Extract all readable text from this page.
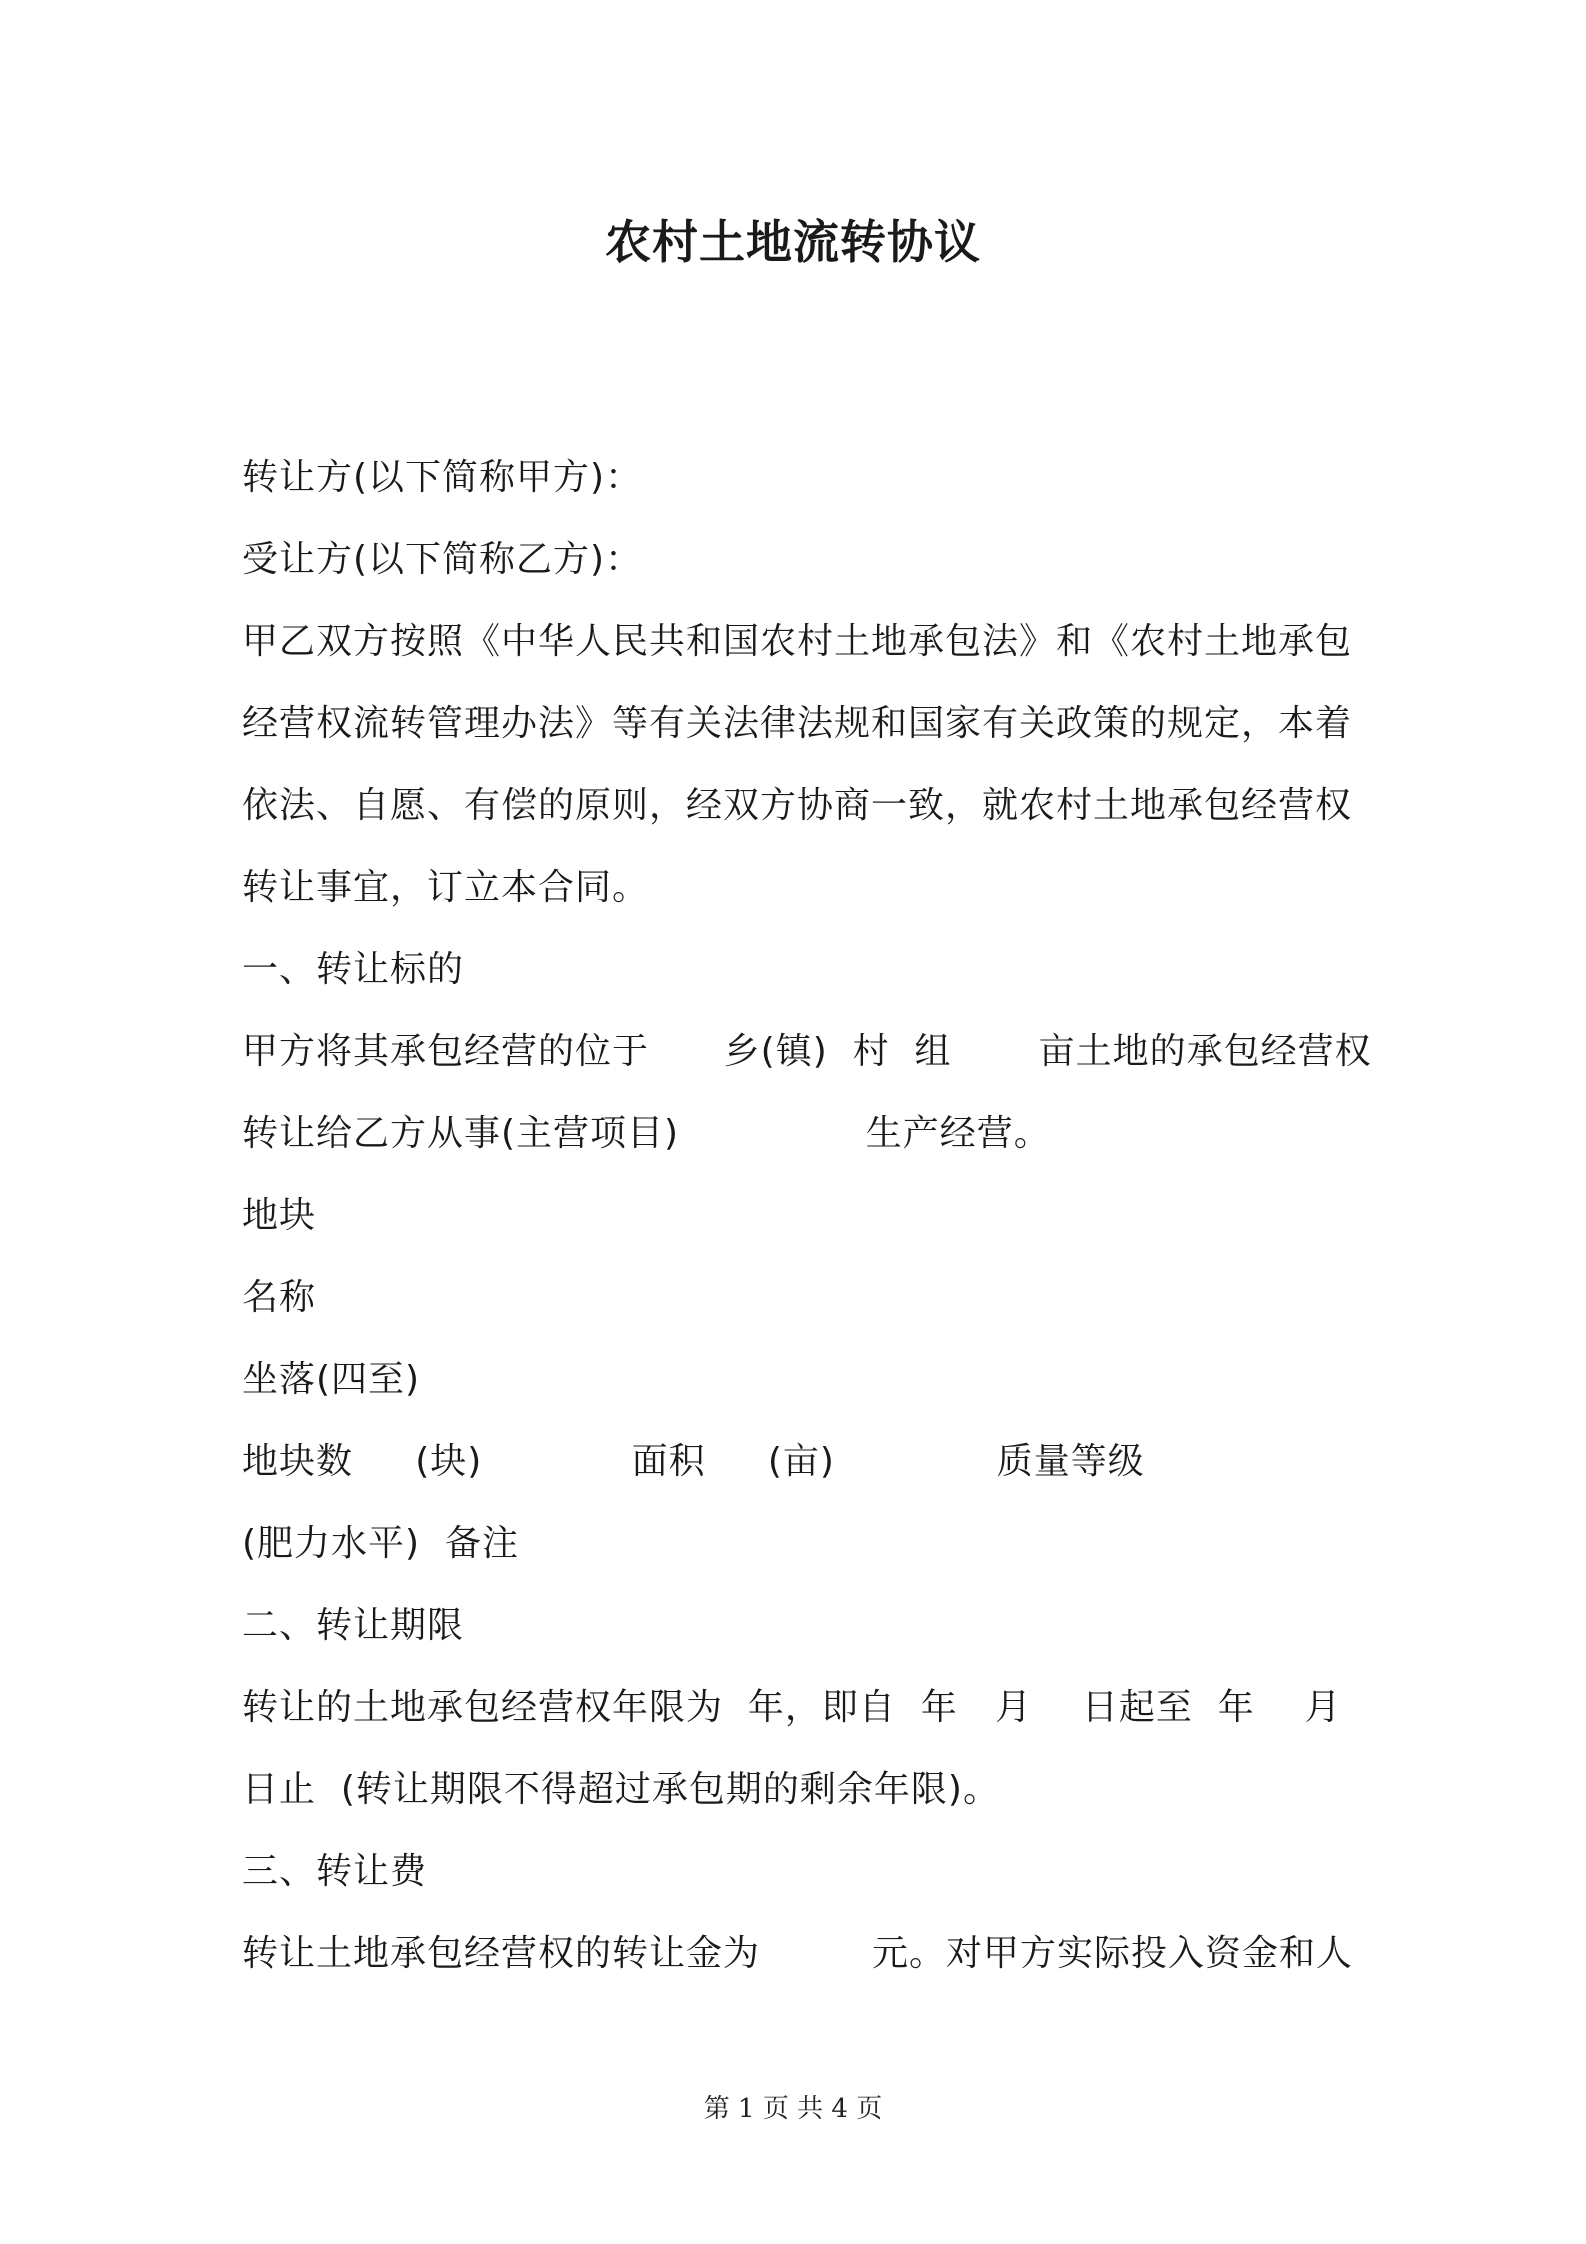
农村土地流转协议
转让方(以下简称甲方)：
受让方(以下简称乙方)：
甲乙双方按照《中华人民共和国农村土地承包法》和《农村土地承包
经营权流转管理办法》等有关法律法规和国家有关政策的规定，本着
依法、自愿、有偿的原则，经双方协商一致，就农村土地承包经营权
转让事宜，订立本合同。
一、转让标的
甲方将其承包经营的位于      乡(镇)  村  组       亩土地的承包经营权
转让给乙方从事(主营项目)               生产经营。
地块
名称
坐落(四至)
地块数     (块)            面积     (亩)             质量等级
(肥力水平)  备注
二、转让期限
转让的土地承包经营权年限为  年，即自  年   月    日起至  年    月
日止  (转让期限不得超过承包期的剩余年限)。
三、转让费
转让土地承包经营权的转让金为         元。对甲方实际投入资金和人
第 1 页 共 4 页
